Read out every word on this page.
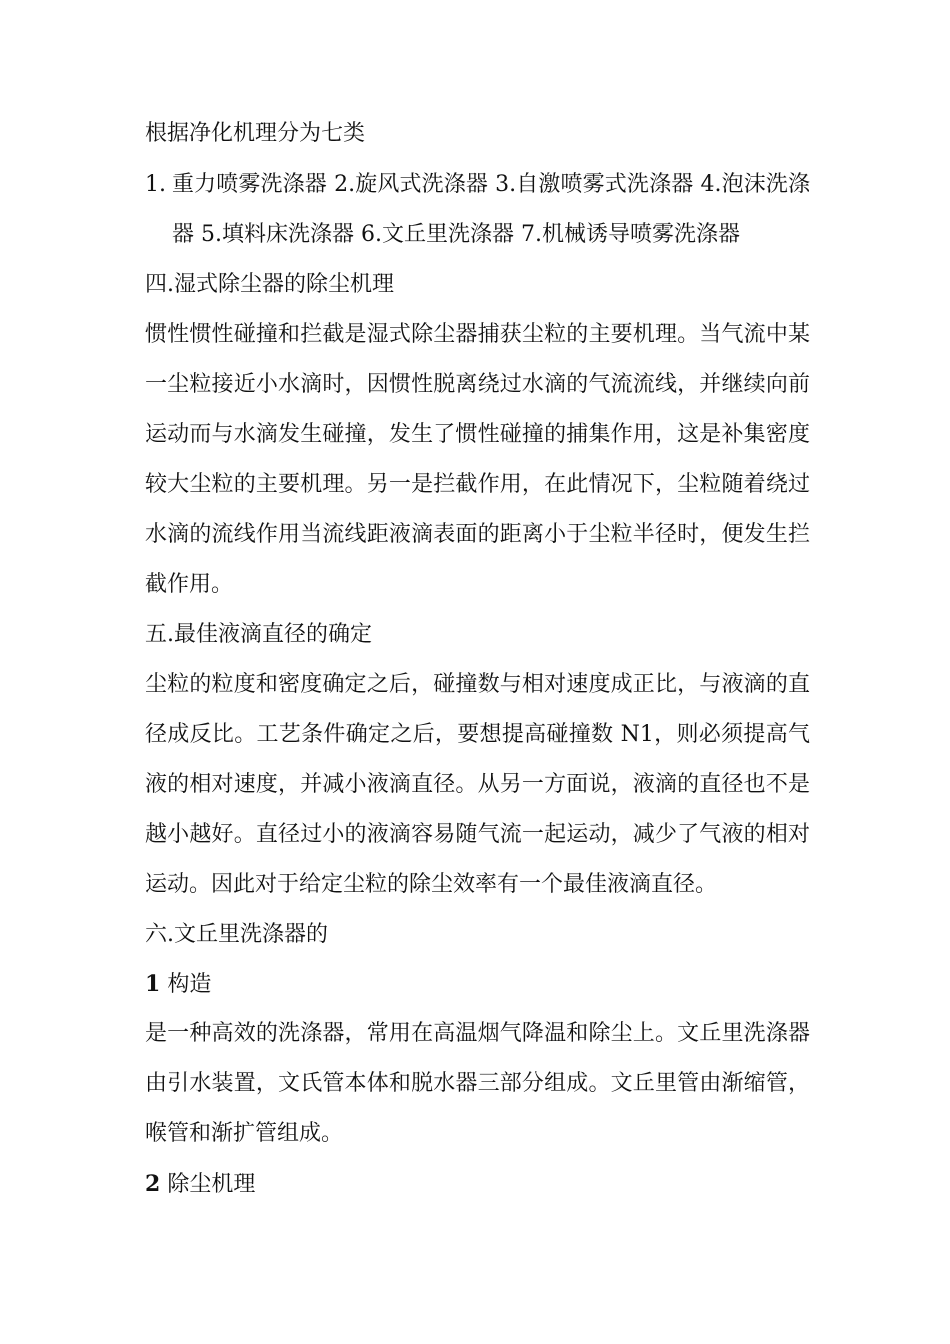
根据净化机理分为七类
1. 重力喷雾洗涤器 2.旋风式洗涤器 3.自激喷雾式洗涤器 4.泡沫洗涤
器 5.填料床洗涤器 6.文丘里洗涤器 7.机械诱导喷雾洗涤器
四.湿式除尘器的除尘机理
惯性惯性碰撞和拦截是湿式除尘器捕获尘粒的主要机理。当气流中某
一尘粒接近小水滴时，因惯性脱离绕过水滴的气流流线，并继续向前
运动而与水滴发生碰撞，发生了惯性碰撞的捕集作用，这是补集密度
较大尘粒的主要机理。另一是拦截作用，在此情况下，尘粒随着绕过
水滴的流线作用当流线距液滴表面的距离小于尘粒半径时，便发生拦
截作用。
五.最佳液滴直径的确定
尘粒的粒度和密度确定之后，碰撞数与相对速度成正比，与液滴的直
径成反比。工艺条件确定之后，要想提高碰撞数 N1，则必须提高气
液的相对速度，并减小液滴直径。从另一方面说，液滴的直径也不是
越小越好。直径过小的液滴容易随气流一起运动，减少了气液的相对
运动。因此对于给定尘粒的除尘效率有一个最佳液滴直径。
六.文丘里洗涤器的
1 构造
是一种高效的洗涤器，常用在高温烟气降温和除尘上。文丘里洗涤器
由引水装置，文氏管本体和脱水器三部分组成。文丘里管由渐缩管，
喉管和渐扩管组成。
2 除尘机理
